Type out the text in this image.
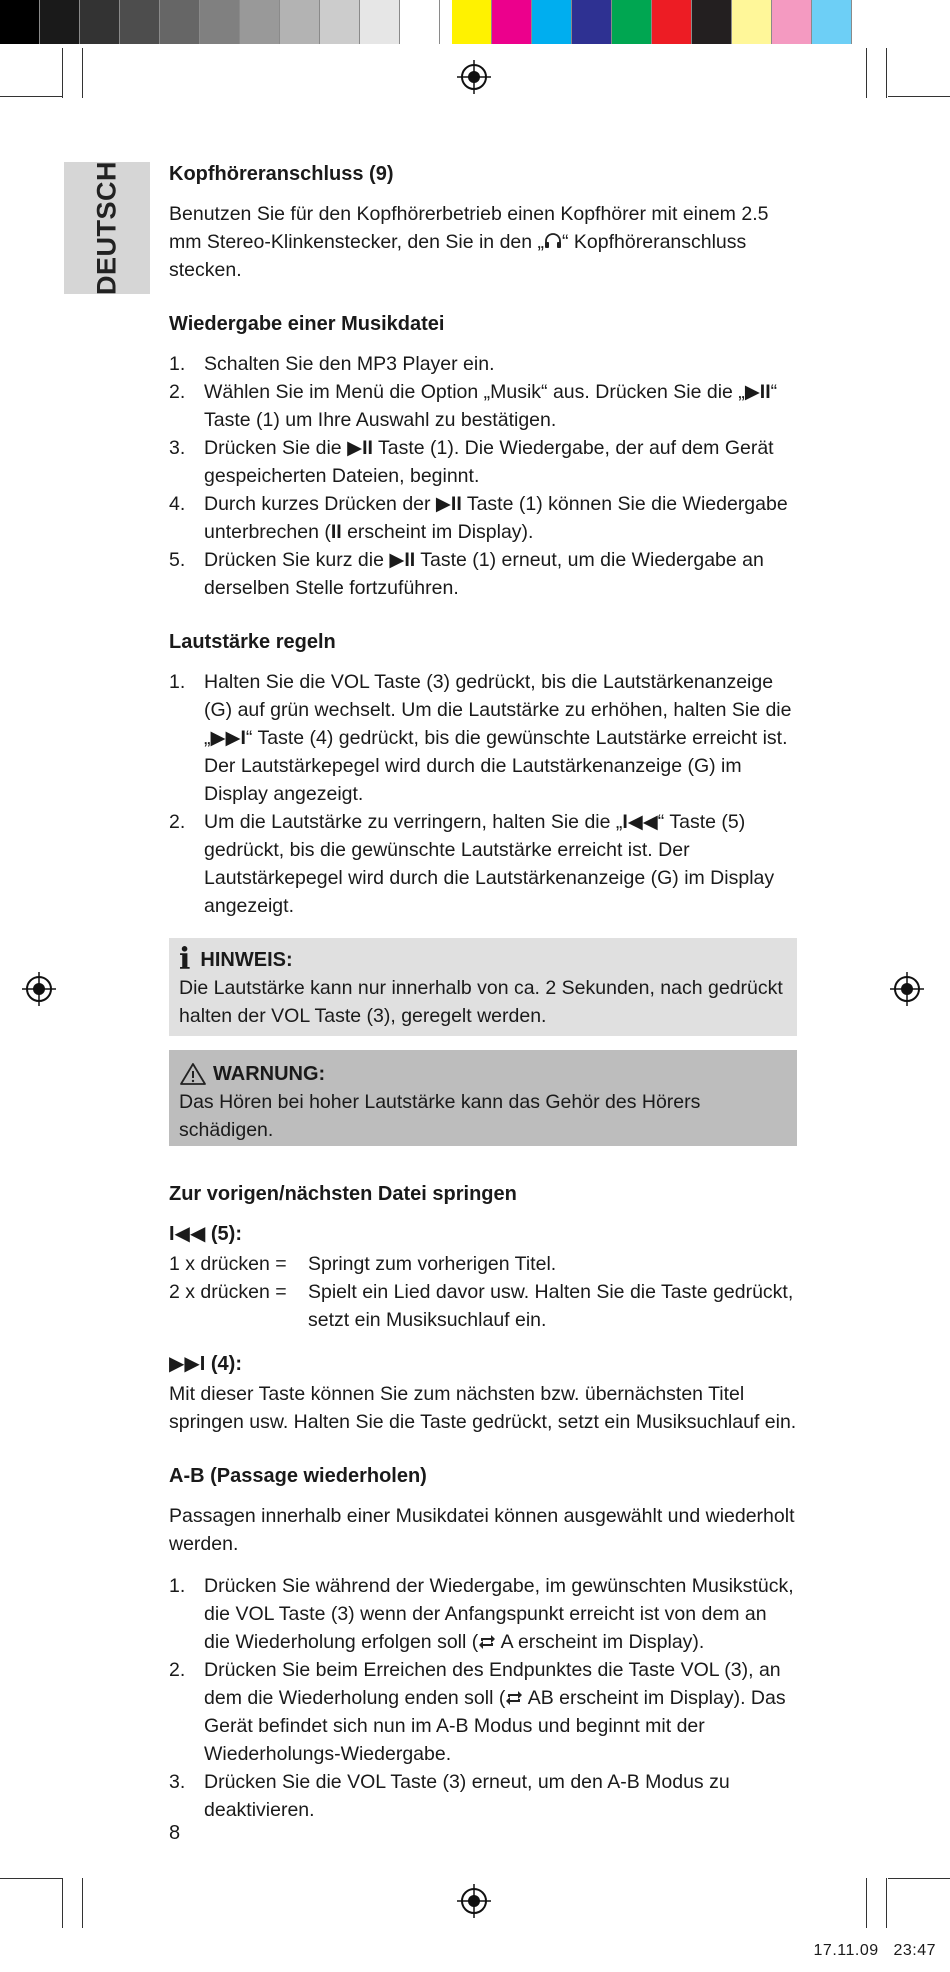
DEUTSCH Kopfhöreranschluss (9)

Benutzen Sie für den Kopfhörerbetrieb einen Kopfhörer mit einem 2.5 mm Stereo-Klinkenstecker, den Sie in den „ “ Kopfhöreranschluss stecken.

Wiedergabe einer Musikdatei
1. Schalten Sie den MP3 Player ein.
2. Wählen Sie im Menü die Option „Musik“ aus. Drücken Sie die „▶II“ Taste (1) um Ihre Auswahl zu bestätigen.
3. Drücken Sie die ▶II Taste (1). Die Wiedergabe, der auf dem Gerät gespeicherten Dateien, beginnt.
4. Durch kurzes Drücken der ▶II Taste (1) können Sie die Wiedergabe unterbrechen (II erscheint im Display).
5. Drücken Sie kurz die ▶II Taste (1) erneut, um die Wiedergabe an derselben Stelle fortzuführen.
Lautstärke regeln
1. Halten Sie die VOL Taste (3) gedrückt, bis die Lautstärkenanzeige (G) auf grün wechselt. Um die Lautstärke zu erhöhen, halten Sie die „▶▶I“ Taste (4) gedrückt, bis die gewünschte Lautstärke erreicht ist. Der Lautstärkepegel wird durch die Lautstärkenanzeige (G) im Display angezeigt.
2. Um die Lautstärke zu verringern, halten Sie die „I◀◀“ Taste (5) gedrückt, bis die gewünschte Lautstärke erreicht ist. Der Lautstärkepegel wird durch die Lautstärkenanzeige (G) im Display angezeigt.
i HINWEIS:
Die Lautstärke kann nur innerhalb von ca. 2 Sekunden, nach gedrückt halten der VOL Taste (3), geregelt werden.
WARNUNG:
Das Hören bei hoher Lautstärke kann das Gehör des Hörers schädigen.
Zur vorigen/nächsten Datei springen
I◀◀ (5):
1 x drücken =	Springt zum vorherigen Titel.
2 x drücken =	Spielt ein Lied davor usw. Halten Sie die Taste gedrückt, setzt ein Musiksuchlauf ein.
▶▶I (4):

Mit dieser Taste können Sie zum nächsten bzw. übernächsten Titel springen usw. Halten Sie die Taste gedrückt, setzt ein Musiksuchlauf ein.

A-B (Passage wiederholen)

Passagen innerhalb einer Musikdatei können ausgewählt und wiederholt werden.

1. Drücken Sie während der Wiedergabe, im gewünschten Musikstück, die VOL Taste (3) wenn der Anfangspunkt erreicht ist von dem an die Wiederholung erfolgen soll ( A erscheint im Display).
2. Drücken Sie beim Erreichen des Endpunktes die Taste VOL (3), an dem die Wiederholung enden soll ( AB erscheint im Display). Das Gerät befindet sich nun im A-B Modus und beginnt mit der Wiederholungs-Wiedergabe.
3. Drücken Sie die VOL Taste (3) erneut, um den A-B Modus zu deaktivieren.
8
17.11.09 23:47
